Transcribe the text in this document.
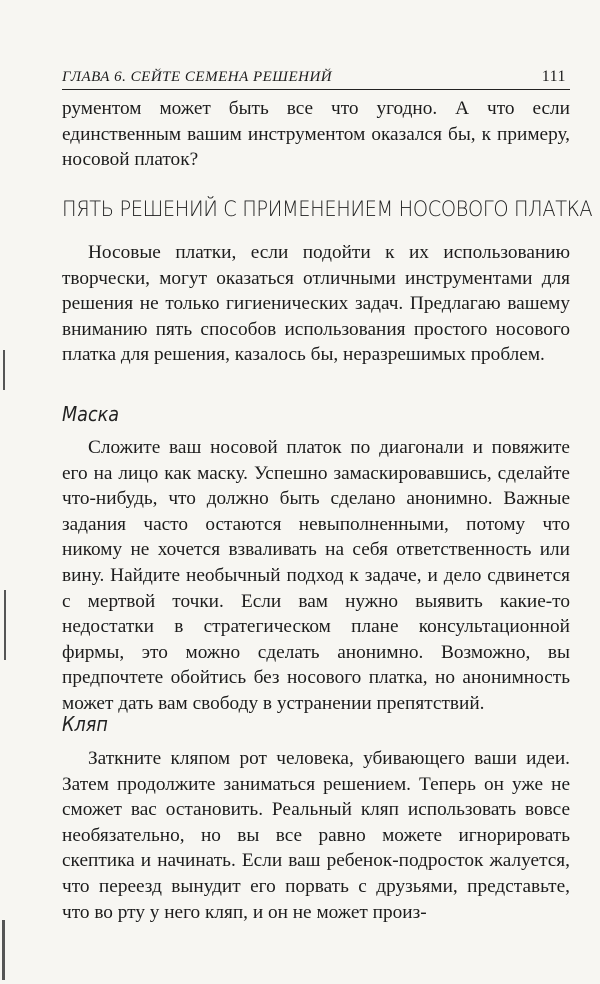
ГЛАВА 6. СЕЙТЕ СЕМЕНА РЕШЕНИЙ	111

рументом может быть все что угодно. А что если единственным вашим инструментом оказался бы, к примеру, носовой платок?

ПЯТЬ РЕШЕНИЙ С ПРИМЕНЕНИЕМ НОСОВОГО ПЛАТКА

Носовые платки, если подойти к их использованию творчески, могут оказаться отличными инструментами для решения не только гигиенических задач. Предлагаю вашему вниманию пять способов использования простого носового платка для решения, казалось бы, неразрешимых проблем.

Маска

Сложите ваш носовой платок по диагонали и повяжите его на лицо как маску. Успешно замаскировавшись, сделайте что-нибудь, что должно быть сделано анонимно. Важные задания часто остаются невыполненными, потому что никому не хочется взваливать на себя ответственность или вину. Найдите необычный подход к задаче, и дело сдвинется с мертвой точки. Если вам нужно выявить какие-то недостатки в стратегическом плане консультационной фирмы, это можно сделать анонимно. Возможно, вы предпочтете обойтись без носового платка, но анонимность может дать вам свободу в устранении препятствий.

Кляп

Заткните кляпом рот человека, убивающего ваши идеи. Затем продолжите заниматься решением. Теперь он уже не сможет вас остановить. Реальный кляп использовать вовсе необязательно, но вы все равно можете игнорировать скептика и начинать. Если ваш ребенок-подросток жалуется, что переезд вынудит его порвать с друзьями, представьте, что во рту у него кляп, и он не может произ-
